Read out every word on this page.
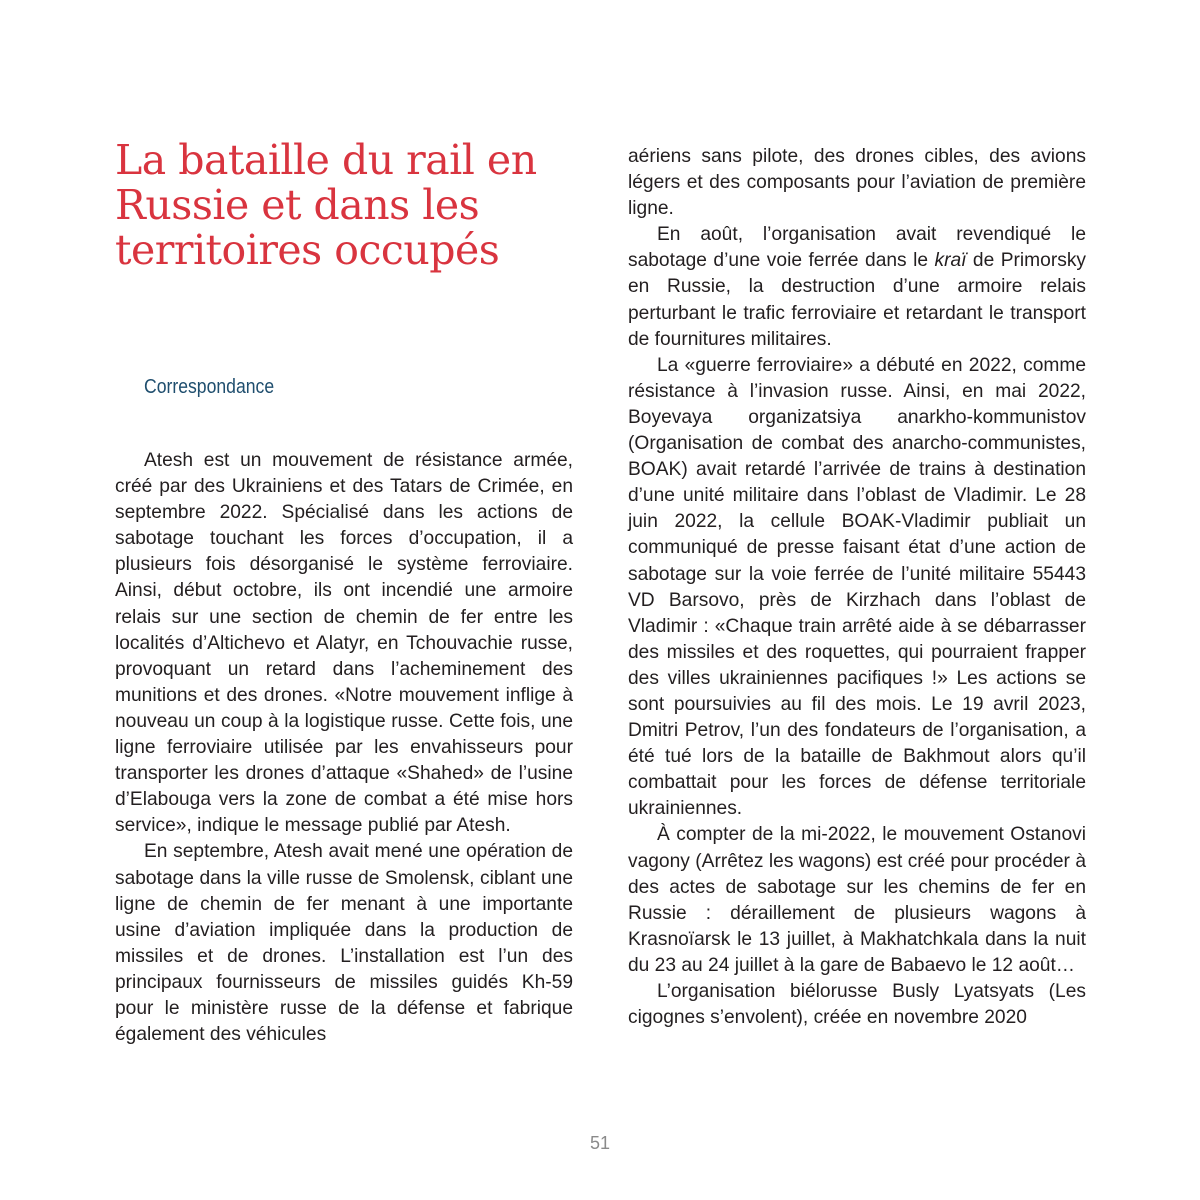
La bataille du rail en Russie et dans les territoires occupés
Correspondance

Atesh est un mouvement de résistance armée, créé par des Ukrainiens et des Tatars de Crimée, en septembre 2022. Spécialisé dans les actions de sabotage touchant les forces d’occupation, il a plusieurs fois désorganisé le système ferroviaire. Ainsi, début octobre, ils ont incendié une armoire relais sur une section de chemin de fer entre les localités d’Altichevo et Alatyr, en Tchouvachie russe, provoquant un retard dans l’acheminement des munitions et des drones. «Notre mouvement inflige à nouveau un coup à la logistique russe. Cette fois, une ligne ferroviaire utilisée par les envahisseurs pour transporter les drones d’attaque «Shahed» de l’usine d’Elabouga vers la zone de combat a été mise hors service», indique le message publié par Atesh.

En septembre, Atesh avait mené une opération de sabotage dans la ville russe de Smolensk, ciblant une ligne de chemin de fer menant à une importante usine d’aviation impliquée dans la production de missiles et de drones. L’installation est l’un des principaux fournisseurs de missiles guidés Kh-59 pour le ministère russe de la défense et fabrique également des véhicules

aériens sans pilote, des drones cibles, des avions légers et des composants pour l’aviation de première ligne.

En août, l’organisation avait revendiqué le sabotage d’une voie ferrée dans le kraï de Primorsky en Russie, la destruction d’une armoire relais perturbant le trafic ferroviaire et retardant le transport de fournitures militaires.

La «guerre ferroviaire» a débuté en 2022, comme résistance à l’invasion russe. Ainsi, en mai 2022, Boyevaya organizatsiya anarkho-kommunistov (Organisation de combat des anarcho-communistes, BOAK) avait retardé l’arrivée de trains à destination d’une unité militaire dans l’oblast de Vladimir. Le 28 juin 2022, la cellule BOAK-Vladimir publiait un communiqué de presse faisant état d’une action de sabotage sur la voie ferrée de l’unité militaire 55443 VD Barsovo, près de Kirzhach dans l’oblast de Vladimir : «Chaque train arrêté aide à se débarrasser des missiles et des roquettes, qui pourraient frapper des villes ukrainiennes pacifiques !» Les actions se sont poursuivies au fil des mois. Le 19 avril 2023, Dmitri Petrov, l’un des fondateurs de l’organisation, a été tué lors de la bataille de Bakhmout alors qu’il combattait pour les forces de défense territoriale ukrainiennes.

À compter de la mi-2022, le mouvement Ostanovi vagony (Arrêtez les wagons) est créé pour procéder à des actes de sabotage sur les chemins de fer en Russie : déraillement de plusieurs wagons à Krasnoïarsk le 13 juillet, à Makhatchkala dans la nuit du 23 au 24 juillet à la gare de Babaevo le 12 août…

L’organisation biélorusse Busly Lyatsyats (Les cigognes s’envolent), créée en novembre 2020

51
